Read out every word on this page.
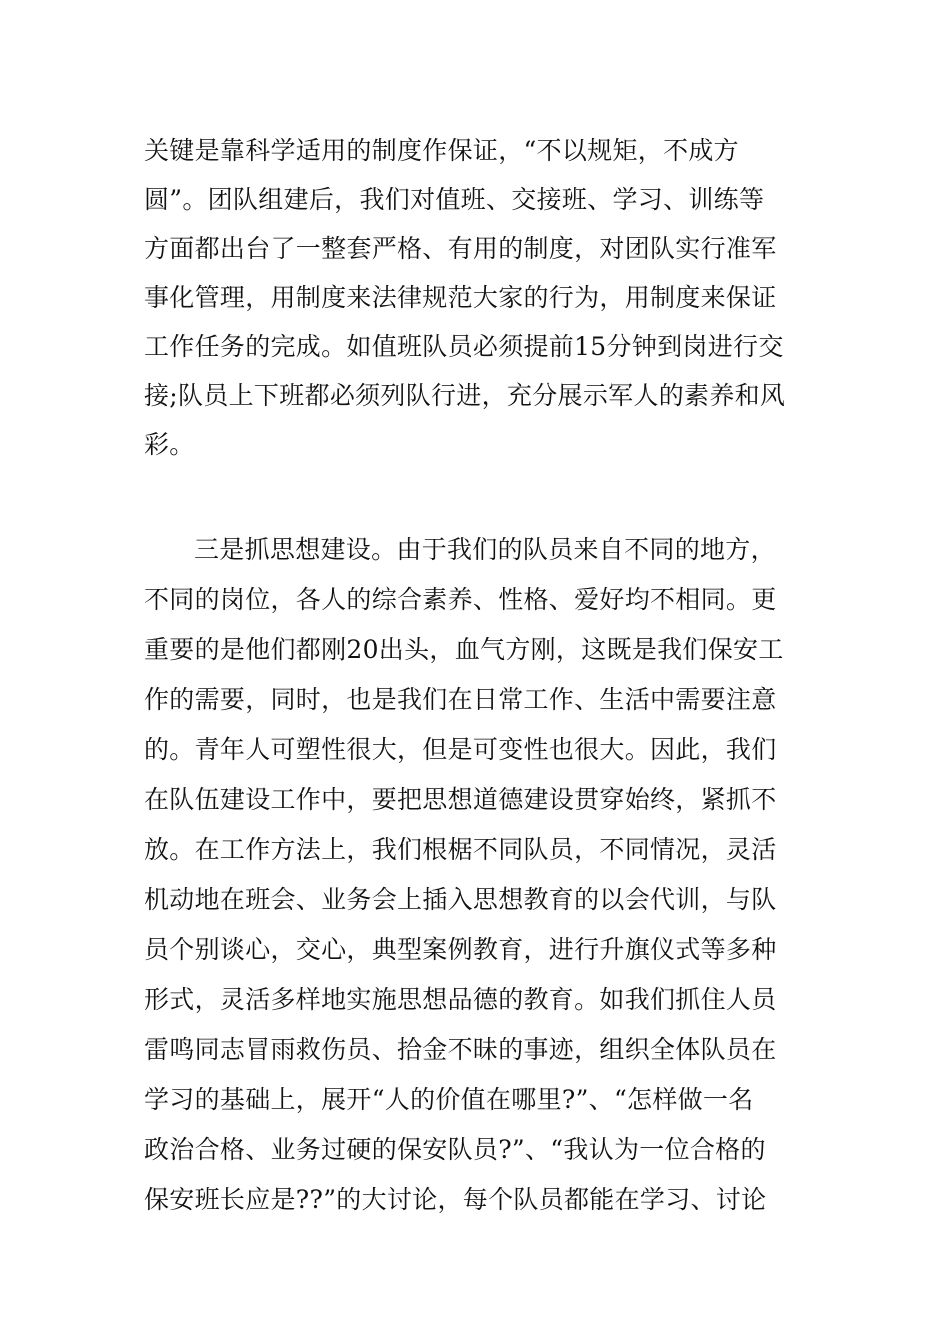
关键是靠科学适用的制度作保证，“不以规矩，不成方
圆”。团队组建后，我们对值班、交接班、学习、训练等
方面都出台了一整套严格、有用的制度，对团队实行准军
事化管理，用制度来法律规范大家的行为，用制度来保证
工作任务的完成。如值班队员必须提前15分钟到岗进行交
接;队员上下班都必须列队行进，充分展示军人的素养和风
彩。
三是抓思想建设。由于我们的队员来自不同的地方，
不同的岗位，各人的综合素养、性格、爱好均不相同。更
重要的是他们都刚20出头，血气方刚，这既是我们保安工
作的需要，同时，也是我们在日常工作、生活中需要注意
的。青年人可塑性很大，但是可变性也很大。因此，我们
在队伍建设工作中，要把思想道德建设贯穿始终，紧抓不
放。在工作方法上，我们根椐不同队员，不同情况，灵活
机动地在班会、业务会上插入思想教育的以会代训，与队
员个别谈心，交心，典型案例教育，进行升旗仪式等多种
形式，灵活多样地实施思想品德的教育。如我们抓住人员
雷鸣同志冒雨救伤员、拾金不昧的事迹，组织全体队员在
学习的基础上，展开“人的价值在哪里?”、“怎样做一名
政治合格、业务过硬的保安队员?”、“我认为一位合格的
保安班长应是??”的大讨论，每个队员都能在学习、讨论
